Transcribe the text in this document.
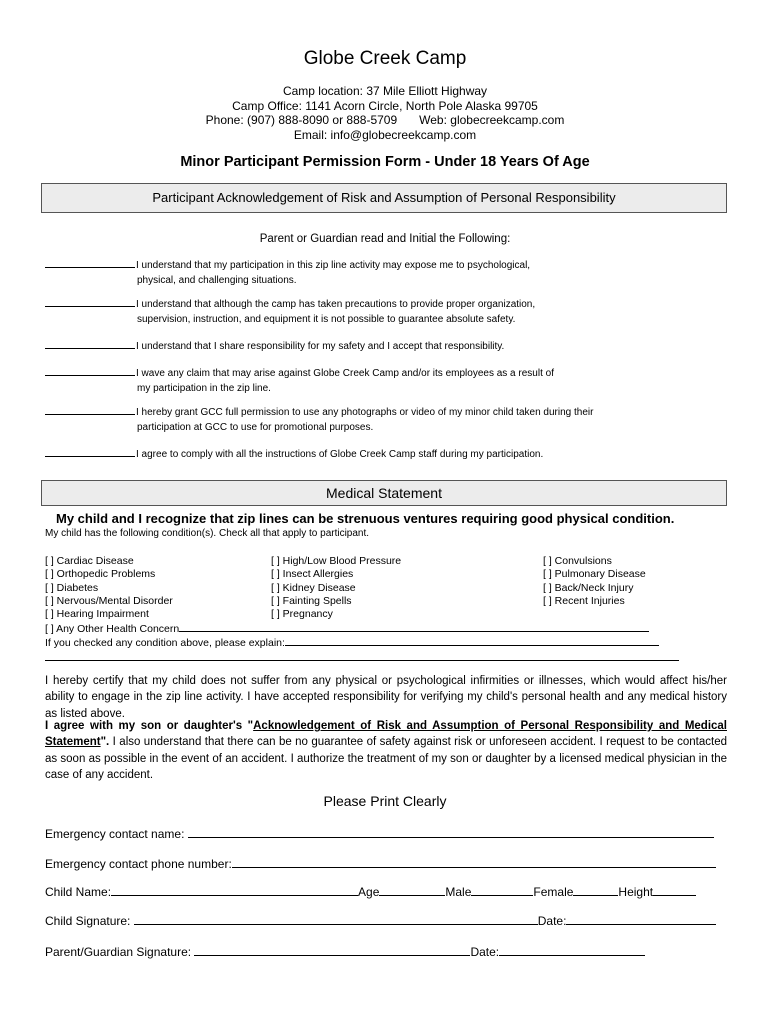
Globe Creek Camp
Camp location: 37 Mile Elliott Highway
Camp Office: 1141 Acorn Circle, North Pole Alaska 99705
Phone: (907) 888-8090 or 888-5709 Web: globecreekcamp.com
Email: info@globecreekcamp.com
Minor Participant Permission Form - Under 18 Years Of Age
Participant Acknowledgement of Risk and Assumption of Personal Responsibility
Parent or Guardian read and Initial the Following:
I understand that my participation in this zip line activity may expose me to psychological,
physical, and challenging situations.
I understand that although the camp has taken precautions to provide proper organization,
supervision, instruction, and equipment it is not possible to guarantee absolute safety.
I understand that I share responsibility for my safety and I accept that responsibility.
I wave any claim that may arise against Globe Creek Camp and/or its employees as a result of
my participation in the zip line.
I hereby grant GCC full permission to use any photographs or video of my minor child taken during their
participation at GCC to use for promotional purposes.
I agree to comply with all the instructions of Globe Creek Camp staff during my participation.
Medical Statement
My child and I recognize that zip lines can be strenuous ventures requiring good physical condition.
My child has the following condition(s). Check all that apply to participant.
[ ] Cardiac Disease
[ ] Orthopedic Problems
[ ] Diabetes
[ ] Nervous/Mental Disorder
[ ] Hearing Impairment
[ ] High/Low Blood Pressure
[ ] Insect Allergies
[ ] Kidney Disease
[ ] Fainting Spells
[ ] Pregnancy
[ ] Convulsions
[ ] Pulmonary Disease
[ ] Back/Neck Injury
[ ] Recent Injuries
[ ] Any Other Health Concern
If you checked any condition above, please explain:
I hereby certify that my child does not suffer from any physical or psychological infirmities or illnesses, which would affect his/her ability to engage in the zip line activity. I have accepted responsibility for verifying my child's personal health and any medical history as listed above.
I agree with my son or daughter's "Acknowledgement of Risk and Assumption of Personal Responsibility and Medical Statement". I also understand that there can be no guarantee of safety against risk or unforeseen accident. I request to be contacted as soon as possible in the event of an accident. I authorize the treatment of my son or daughter by a licensed medical physician in the case of any accident.
Please Print Clearly
Emergency contact name:
Emergency contact phone number:
Child Name:	Age	Male	Female	Height
Child Signature:	Date:
Parent/Guardian Signature:	Date:
